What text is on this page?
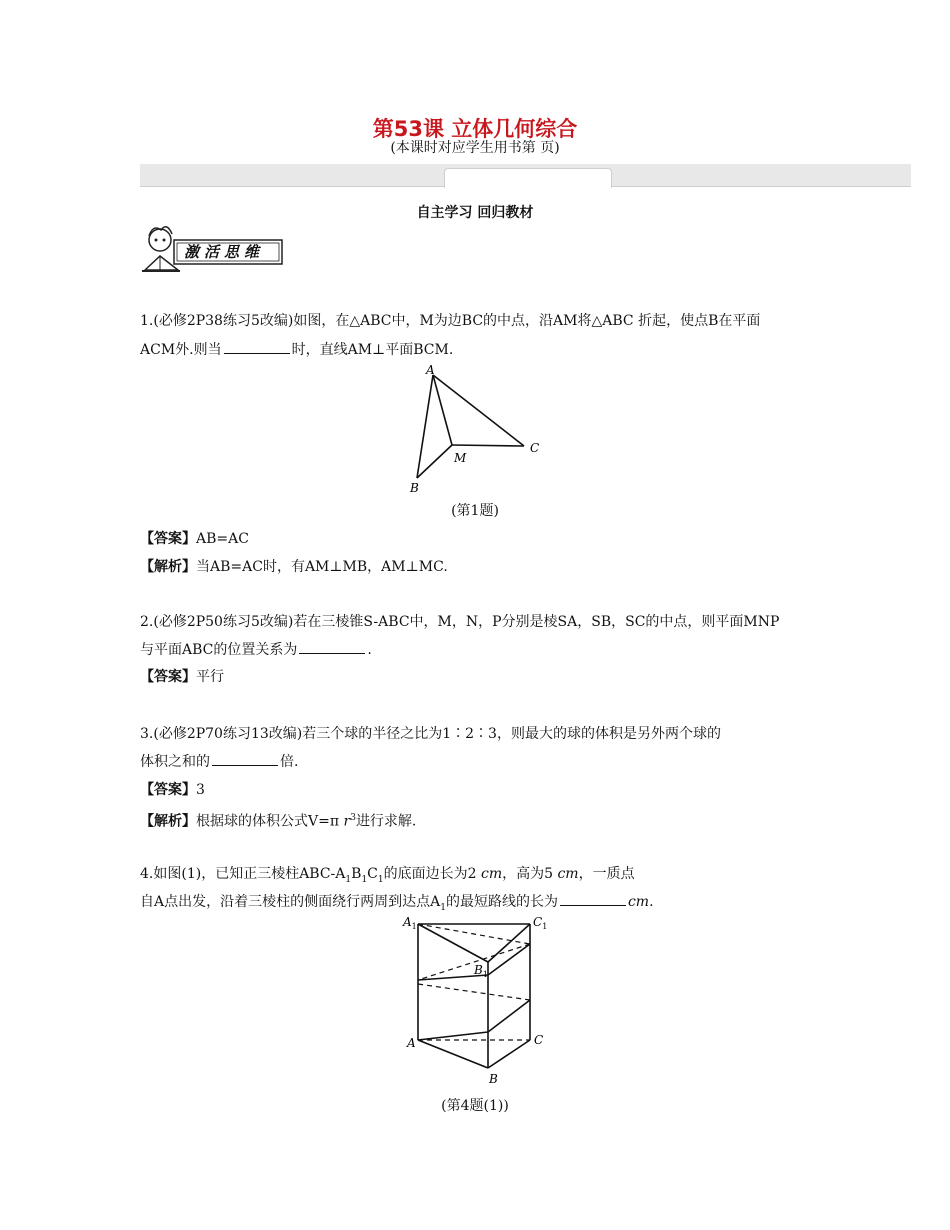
第53课 立体几何综合
(本课时对应学生用书第 页)
自主学习 回归教材
激活思维
1.(必修2P38练习5改编)如图，在△ABC中，M为边BC的中点，沿AM将△ABC 折起，使点B在平面
ACM外.则当	时，直线AM⊥平面BCM.
A
B
C
M
(第1题)
【答案】AB=AC
【解析】当AB=AC时，有AM⊥MB，AM⊥MC.
2.(必修2P50练习5改编)若在三棱锥S-ABC中，M，N，P分别是棱SA，SB，SC的中点，则平面MNP
与平面ABC的位置关系为	.
【答案】平行
3.(必修2P70练习13改编)若三个球的半径之比为1∶2∶3，则最大的球的体积是另外两个球的
体积之和的	倍.
【答案】3
【解析】根据球的体积公式V=π $r^3$进行求解.
4.如图(1)，已知正三棱柱ABC-$A_1B_1C_1$的底面边长为2 cm，高为5 cm，一质点
自A点出发，沿着三棱柱的侧面绕行两周到达点$A_1$的最短路线的长为	cm.
$A_1$	$C_1$
$B_1$
A	C
B
(第4题(1))
